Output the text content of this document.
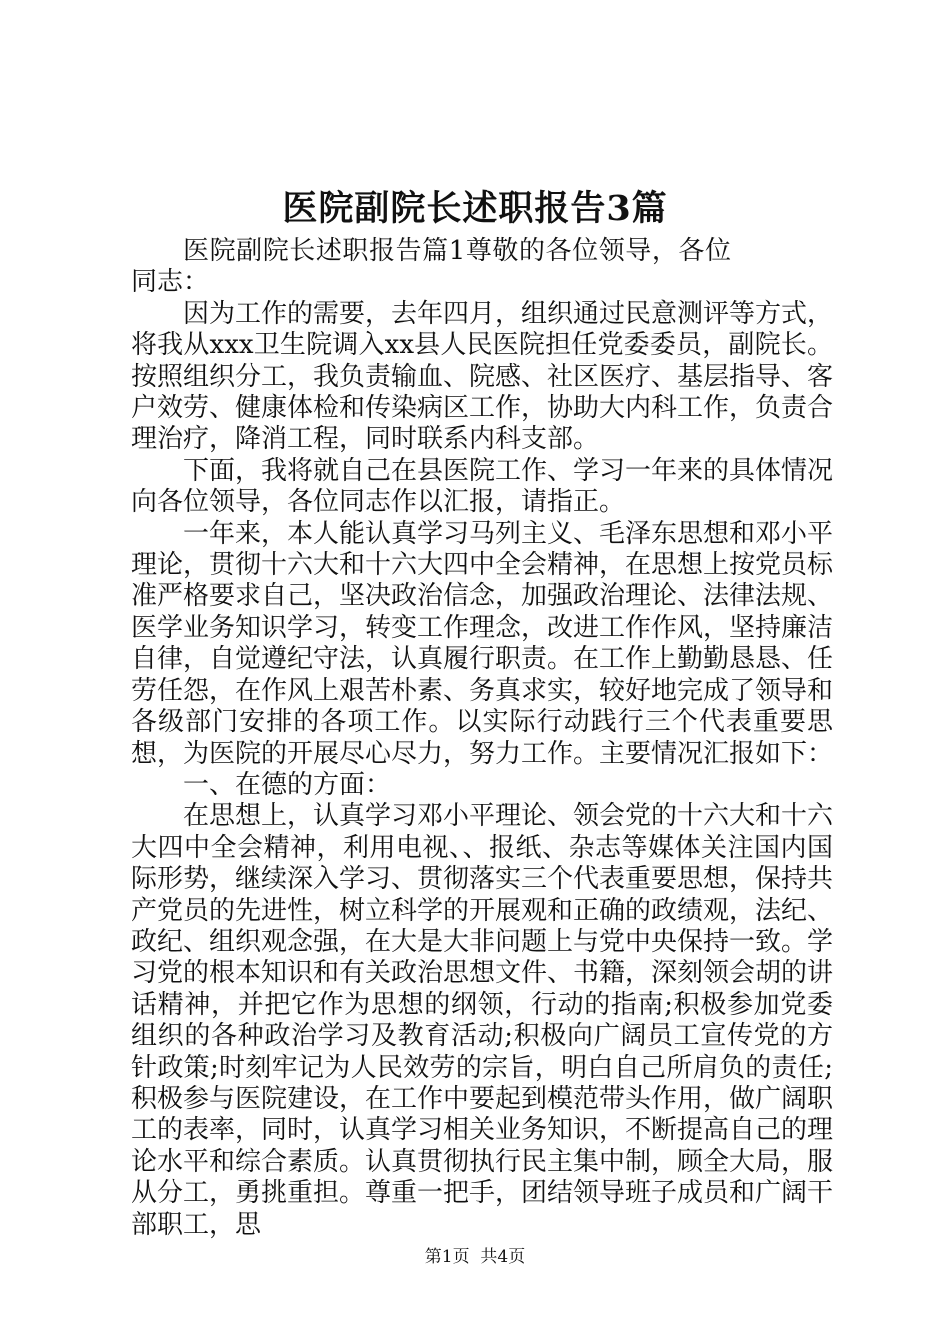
医院副院长述职报告3篇

医院副院长述职报告篇1尊敬的各位领导，各位同志：

因为工作的需要，去年四月，组织通过民意测评等方式，将我从xxx卫生院调入xx县人民医院担任党委委员，副院长。按照组织分工，我负责输血、院感、社区医疗、基层指导、客户效劳、健康体检和传染病区工作，协助大内科工作，负责合理治疗，降消工程，同时联系内科支部。

下面，我将就自己在县医院工作、学习一年来的具体情况向各位领导，各位同志作以汇报，请指正。

一年来，本人能认真学习马列主义、毛泽东思想和邓小平理论，贯彻十六大和十六大四中全会精神，在思想上按党员标准严格要求自己，坚决政治信念，加强政治理论、法律法规、医学业务知识学习，转变工作理念，改进工作作风，坚持廉洁自律，自觉遵纪守法，认真履行职责。在工作上勤勤恳恳、任劳任怨，在作风上艰苦朴素、务真求实，较好地完成了领导和各级部门安排的各项工作。以实际行动践行三个代表重要思想，为医院的开展尽心尽力，努力工作。主要情况汇报如下：

一、在德的方面：

在思想上，认真学习邓小平理论、领会党的十六大和十六大四中全会精神，利用电视、、报纸、杂志等媒体关注国内国际形势，继续深入学习、贯彻落实三个代表重要思想，保持共产党员的先进性，树立科学的开展观和正确的政绩观，法纪、政纪、组织观念强，在大是大非问题上与党中央保持一致。学习党的根本知识和有关政治思想文件、书籍，深刻领会胡的讲话精神，并把它作为思想的纲领，行动的指南;积极参加党委组织的各种政治学习及教育活动;积极向广阔员工宣传党的方针政策;时刻牢记为人民效劳的宗旨，明白自己所肩负的责任;积极参与医院建设，在工作中要起到模范带头作用，做广阔职工的表率，同时，认真学习相关业务知识，不断提高自己的理论水平和综合素质。认真贯彻执行民主集中制，顾全大局，服从分工，勇挑重担。尊重一把手，团结领导班子成员和广阔干部职工，思

第1页 共4页
